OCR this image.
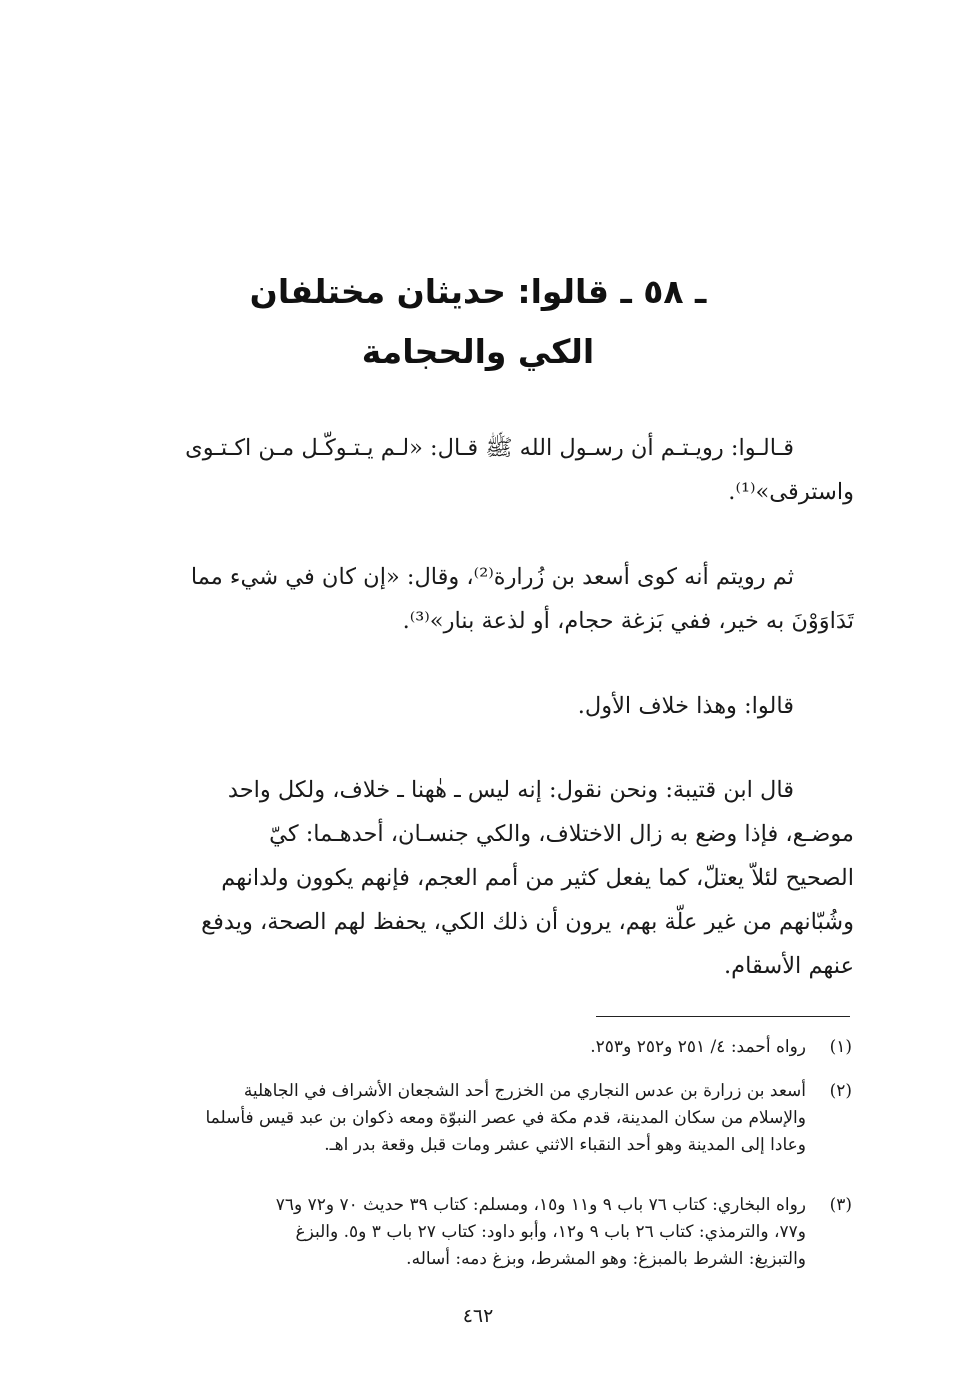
ـ ٥٨ ـ قالوا: حديثان مختلفان
الكي والحجامة
قـالـوا: رويـتـم أن رسـول الله ﷺ قـال: «لـم يـتـوكّـل مـن اكـتـوى
واسترقى»⁽¹⁾.
ثم رويتم أنه كوى أسعد بن زُرارة⁽²⁾، وقال: «إن كان في شيء مما
تَدَاوَوْنَ به خير، ففي بَزغة حجام، أو لذعة بنار»⁽³⁾.
قالوا: وهذا خلاف الأول.
قال ابن قتيبة: ونحن نقول: إنه ليس ـ هٰهنا ـ خلاف، ولكل واحد
موضـع، فإذا وضع به زال الاختلاف، والكي جنسـان، أحدهـما: كيّ
الصحيح لئلاّ يعتلّ، كما يفعل كثير من أمم العجم، فإنهم يكوون ولدانهم
وشُبّانهم من غير علّة بهم، يرون أن ذلك الكي، يحفظ لهم الصحة، ويدفع
عنهم الأسقام.
(١)
رواه أحمد: ٤/ ٢٥١ و٢٥٢ و٢٥٣.
(٢)
أسعد بن زرارة بن عدس النجاري من الخزرج أحد الشجعان الأشراف في الجاهلية
والإسلام من سكان المدينة، قدم مكة في عصر النبوّة ومعه ذكوان بن عبد قيس فأسلما
وعادا إلى المدينة وهو أحد النقباء الاثني عشر ومات قبل وقعة بدر اهـ.
(٣)
رواه البخاري: كتاب ٧٦ باب ٩ و١١ و١٥، ومسلم: كتاب ٣٩ حديث ٧٠ و٧٢ و٧٦
و٧٧، والترمذي: كتاب ٢٦ باب ٩ و١٢، وأبو داود: كتاب ٢٧ باب ٣ و٥. والبزغ
والتبزيغ: الشرط بالمبزغ: وهو المشرط، وبزغ دمه: أساله.
٤٦٢
